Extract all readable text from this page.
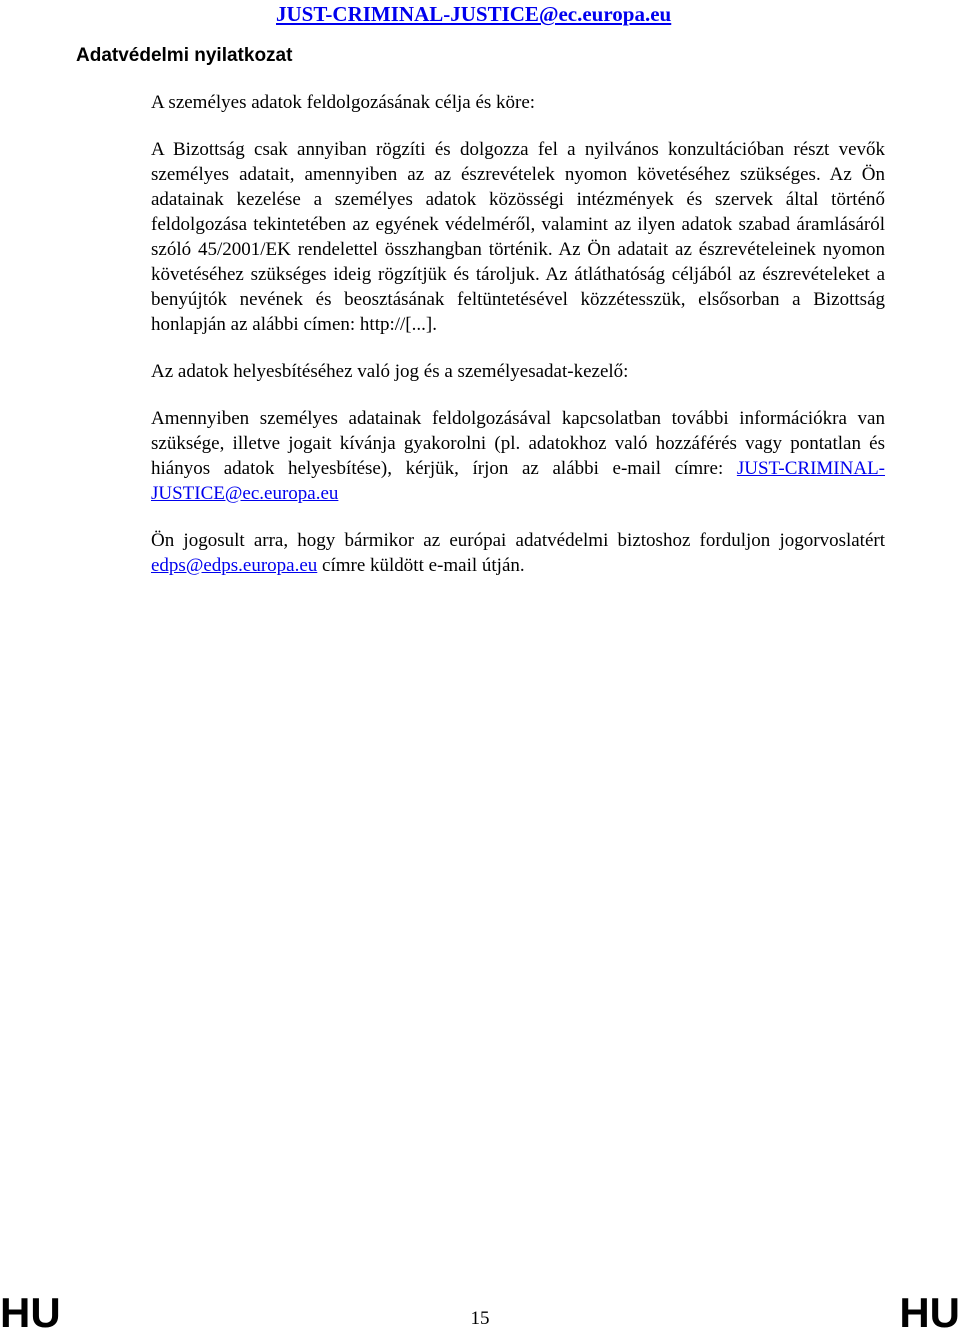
JUST-CRIMINAL-JUSTICE@ec.europa.eu

Adatvédelmi nyilatkozat

A személyes adatok feldolgozásának célja és köre:

A Bizottság csak annyiban rögzíti és dolgozza fel a nyilvános konzultációban részt vevők személyes adatait, amennyiben az az észrevételek nyomon követéséhez szükséges. Az Ön adatainak kezelése a személyes adatok közösségi intézmények és szervek által történő feldolgozása tekintetében az egyének védelméről, valamint az ilyen adatok szabad áramlásáról szóló 45/2001/EK rendelettel összhangban történik. Az Ön adatait az észrevételeinek nyomon követéséhez szükséges ideig rögzítjük és tároljuk. Az átláthatóság céljából az észrevételeket a benyújtók nevének és beosztásának feltüntetésével közzétesszük, elsősorban a Bizottság honlapján az alábbi címen: http://[...].

Az adatok helyesbítéséhez való jog és a személyesadat-kezelő:

Amennyiben személyes adatainak feldolgozásával kapcsolatban további információkra van szüksége, illetve jogait kívánja gyakorolni (pl. adatokhoz való hozzáférés vagy pontatlan és hiányos adatok helyesbítése), kérjük, írjon az alábbi e-mail címre: JUST-CRIMINAL-JUSTICE@ec.europa.eu

Ön jogosult arra, hogy bármikor az európai adatvédelmi biztoshoz forduljon jogorvoslatért edps@edps.europa.eu címre küldött e-mail útján.

HU	15	HU
